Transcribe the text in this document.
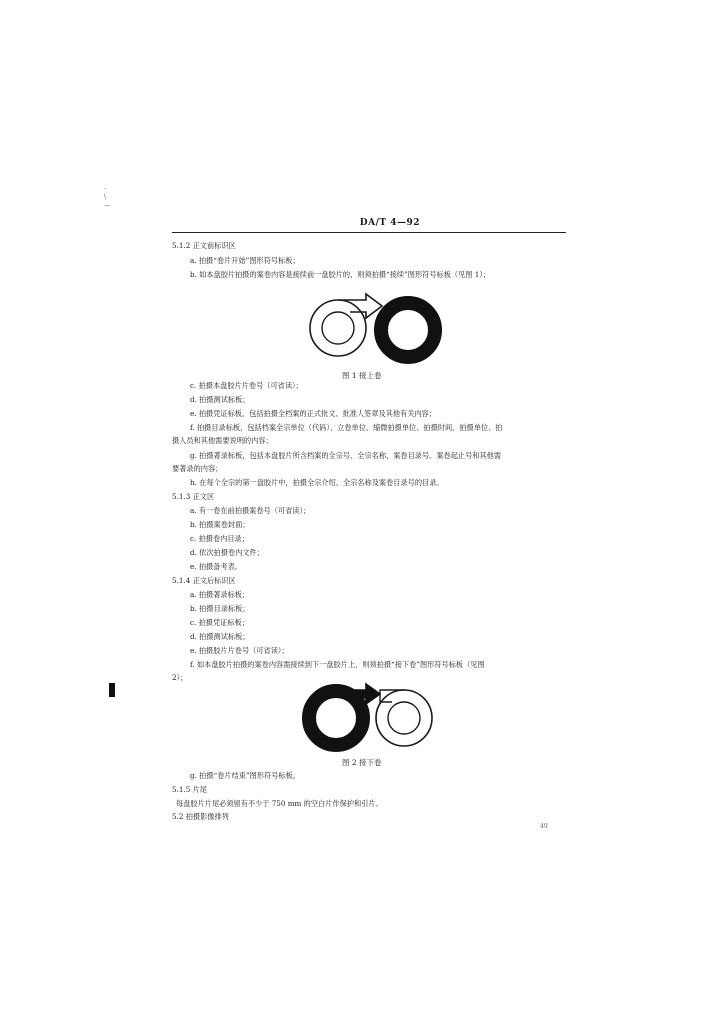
·
\
—
DA/T 4—92
5.1.2 正文前标识区
a. 拍摄“卷片开始”图形符号标板；
b. 如本盘胶片拍摄的案卷内容是接续前一盘胶片的，则须拍摄“接续”图形符号标板（见图 1）；
图 1 接上卷
c. 拍摄本盘胶片片卷号（可省读）；
d. 拍摄测试标板；
e. 拍摄凭证标板，包括拍摄全档案的正式批文、批准人签章及其他有关内容；
f. 拍摄目录标板，包括档案全宗单位（代码）、立卷单位、缩微拍摄单位、拍摄时间、拍摄单位、拍
摄人员和其他需要说明的内容；
g. 拍摄著录标板，包括本盘胶片所含档案的全宗号、全宗名称、案卷目录号、案卷起止号和其他需
要著录的内容；
h. 在每个全宗的第一盘胶片中，拍摄全宗介绍、全宗名称及案卷目录号的目录。
5.1.3 正文区
a. 有一卷在前拍摄案卷号（可省读）；
b. 拍摄案卷封面；
c. 拍摄卷内目录；
d. 依次拍摄卷内文件；
e. 拍摄备考表。
5.1.4 正文后标识区
a. 拍摄著录标板；
b. 拍摄目录标板；
c. 拍摄凭证标板；
d. 拍摄测试标板；
e. 拍摄胶片片卷号（可省读）；
f. 如本盘胶片拍摄的案卷内容需接续到下一盘胶片上，则须拍摄“接下卷”图形符号标板（见图
2）；
图 2 接下卷
g. 拍摄“卷片结束”图形符号标板。
5.1.5 片尾
每盘胶片片尾必须留有不少于 750 mm 的空白片作保护和引片。
5.2 拍摄影像排列
49
